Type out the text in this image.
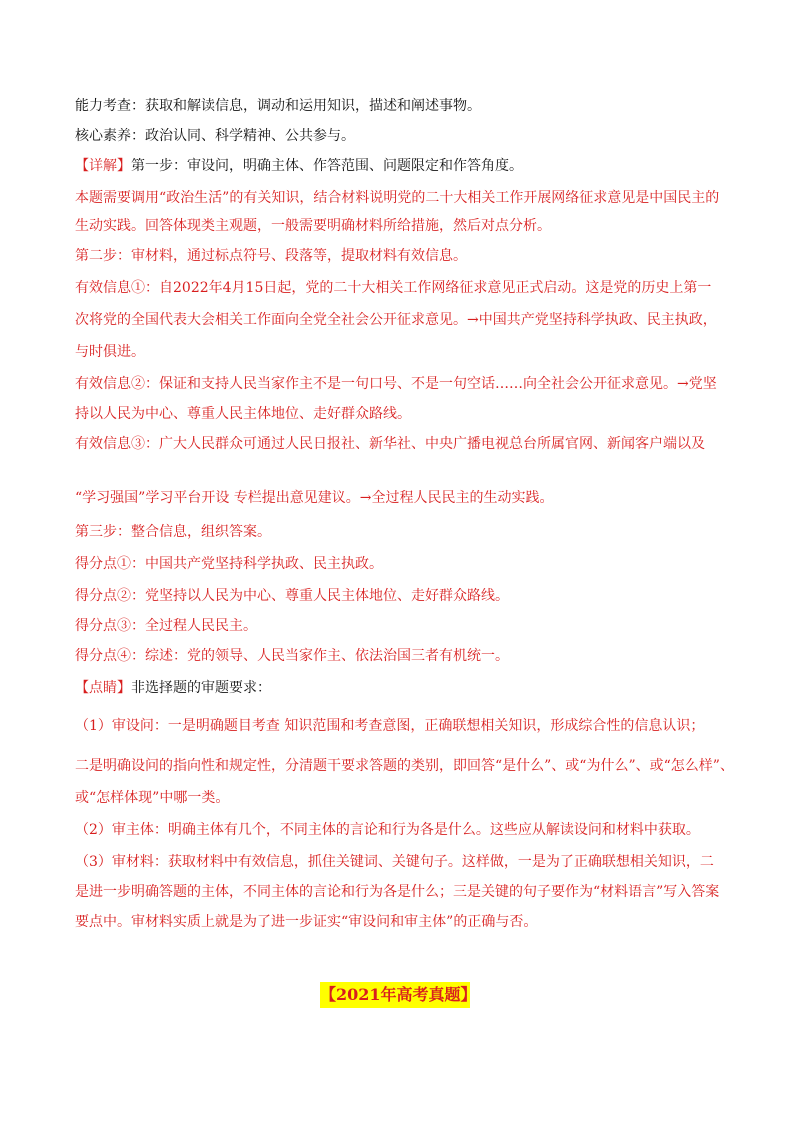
能力考查：获取和解读信息，调动和运用知识，描述和阐述事物。
核心素养：政治认同、科学精神、公共参与。
【详解】第一步：审设问，明确主体、作答范围、问题限定和作答角度。
本题需要调用“政治生活”的有关知识，结合材料说明党的二十大相关工作开展网络征求意见是中国民主的
生动实践。回答体现类主观题，一般需要明确材料所给措施，然后对点分析。
第二步：审材料，通过标点符号、段落等，提取材料有效信息。
有效信息①：自2022年4月15日起，党的二十大相关工作网络征求意见正式启动。这是党的历史上第一
次将党的全国代表大会相关工作面向全党全社会公开征求意见。→中国共产党坚持科学执政、民主执政，
与时俱进。
有效信息②：保证和支持人民当家作主不是一句口号、不是一句空话……向全社会公开征求意见。→党坚
持以人民为中心、尊重人民主体地位、走好群众路线。
有效信息③：广大人民群众可通过人民日报社、新华社、中央广播电视总台所属官网、新闻客户端以及
“学习强国”学习平台开设 专栏提出意见建议。→全过程人民民主的生动实践。
第三步：整合信息，组织答案。
得分点①：中国共产党坚持科学执政、民主执政。
得分点②：党坚持以人民为中心、尊重人民主体地位、走好群众路线。
得分点③：全过程人民民主。
得分点④：综述：党的领导、人民当家作主、依法治国三者有机统一。
【点睛】非选择题的审题要求：
（1）审设问：一是明确题目考查 知识范围和考查意图，正确联想相关知识，形成综合性的信息认识；
二是明确设问的指向性和规定性，分清题干要求答题的类别，即回答“是什么”、或“为什么”、或“怎么样”、
或“怎样体现”中哪一类。
（2）审主体：明确主体有几个，不同主体的言论和行为各是什么。这些应从解读设问和材料中获取。
（3）审材料：获取材料中有效信息，抓住关键词、关键句子。这样做，一是为了正确联想相关知识，二
是进一步明确答题的主体，不同主体的言论和行为各是什么；三是关键的句子要作为“材料语言”写入答案
要点中。审材料实质上就是为了进一步证实“审设问和审主体”的正确与否。
【2021年高考真题】
